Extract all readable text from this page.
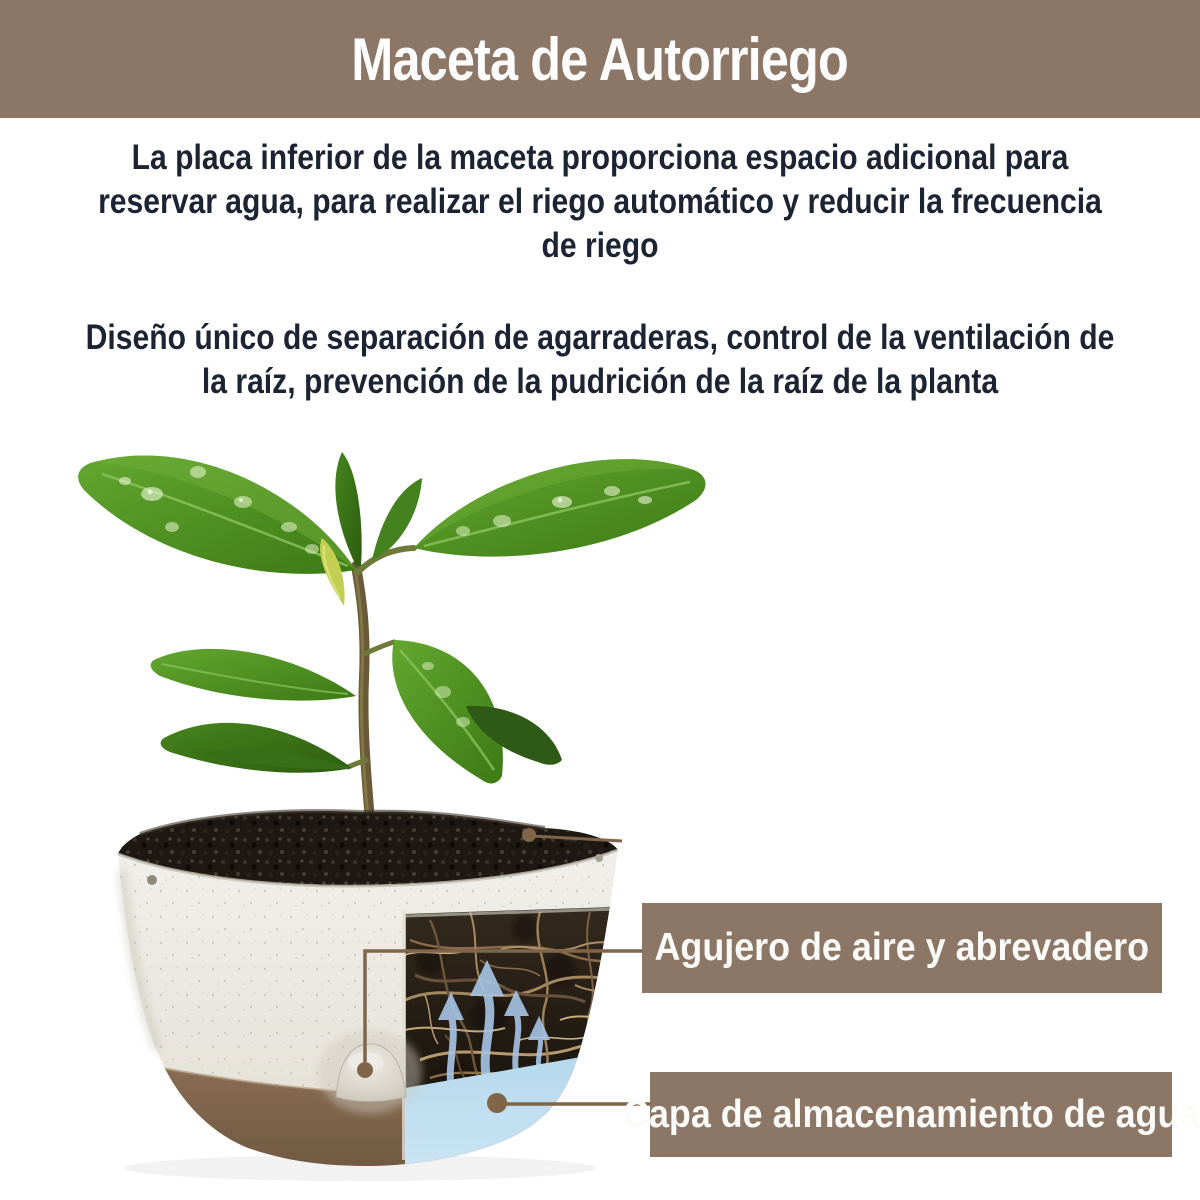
Maceta de Autorriego
La placa inferior de la maceta proporciona espacio adicional para
reservar agua, para realizar el riego automático y reducir la frecuencia
de riego
Diseño único de separación de agarraderas, control de la ventilación de
la raíz, prevención de la pudrición de la raíz de la planta
Agujero de aire y abrevadero
Capa de almacenamiento de agua
